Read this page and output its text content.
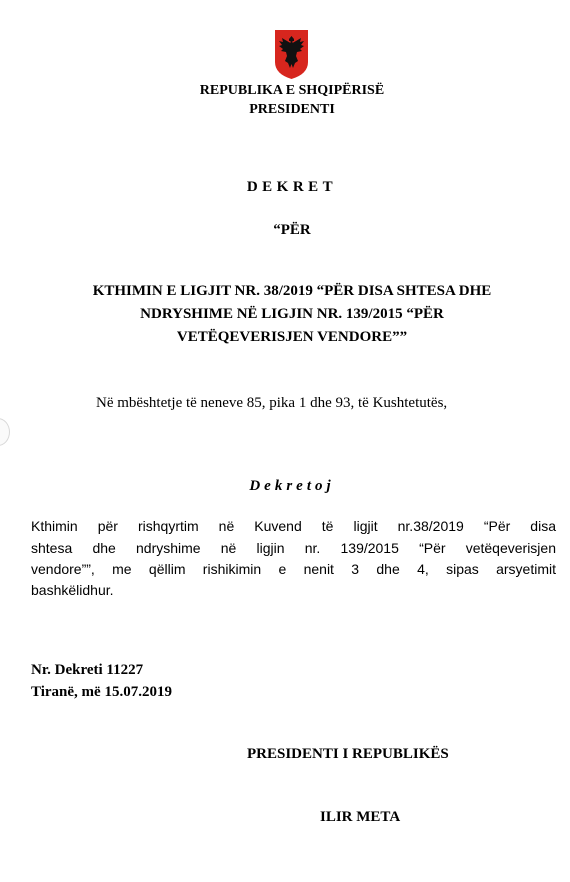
REPUBLIKA E SHQIPËRISË
PRESIDENTI
DEKRET
“PËR
KTHIMIN E LIGJIT NR. 38/2019 “PËR DISA SHTESA DHE
NDRYSHIME NË LIGJIN NR. 139/2015 “PËR
VETËQEVERISJEN VENDORE””
Në mbështetje të neneve 85, pika 1 dhe 93, të Kushtetutës,
Dekretoj
Kthimin për rishqyrtim në Kuvend të ligjit nr.38/2019 “Për disa
shtesa dhe ndryshime në ligjin nr. 139/2015 “Për vetëqeverisjen
vendore””, me qëllim rishikimin e nenit 3 dhe 4, sipas arsyetimit
bashkëlidhur.
Nr. Dekreti 11227
Tiranë, më 15.07.2019
PRESIDENTI I REPUBLIKËS
ILIR META
